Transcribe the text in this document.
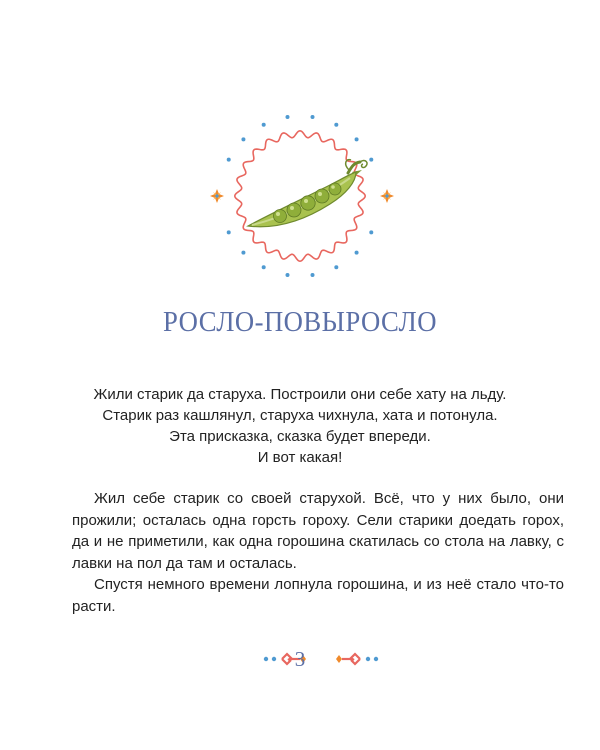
РОСЛО-ПОВЫРОСЛО
Жили старик да старуха. Построили они себе хату на льду.
Старик раз кашлянул, старуха чихнула, хата и потонула.
Эта присказка, сказка будет впереди.
И вот какая!

Жил себе старик со своей старухой. Всё, что у них было, они прожили; осталась одна горсть гороху. Сели старики доедать горох, да и не приметили, как одна горошина скатилась со стола на лавку, с лавки на пол да там и осталась.

Спустя немного времени лопнула горошина, и из неё стало что-то расти.

3
